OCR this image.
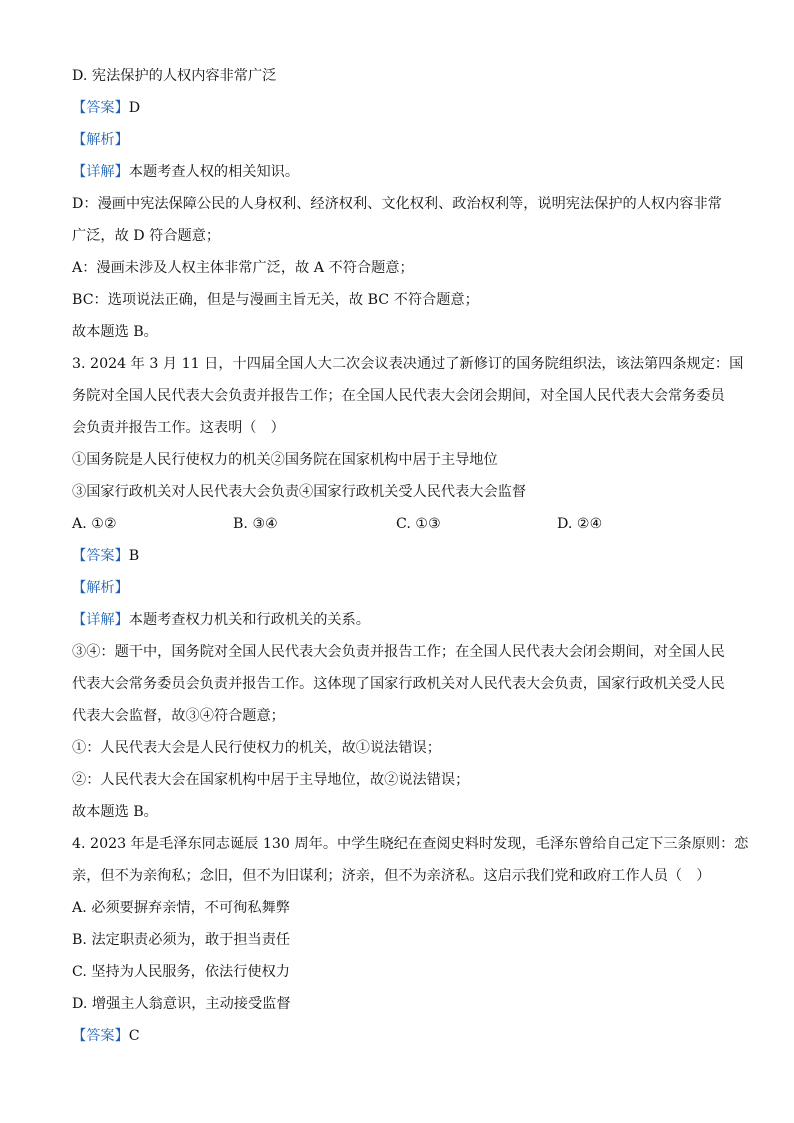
D. 宪法保护的人权内容非常广泛
【答案】D
【解析】
【详解】本题考查人权的相关知识。
D：漫画中宪法保障公民的人身权利、经济权利、文化权利、政治权利等，说明宪法保护的人权内容非常
广泛，故 D 符合题意；
A：漫画未涉及人权主体非常广泛，故 A 不符合题意；
BC：选项说法正确，但是与漫画主旨无关，故 BC 不符合题意；
故本题选 B。
3. 2024 年 3 月 11 日，十四届全国人大二次会议表决通过了新修订的国务院组织法，该法第四条规定：国
务院对全国人民代表大会负责并报告工作；在全国人民代表大会闭会期间，对全国人民代表大会常务委员
会负责并报告工作。这表明（　）
①国务院是人民行使权力的机关②国务院在国家机构中居于主导地位
③国家行政机关对人民代表大会负责④国家行政机关受人民代表大会监督
A. ①②	B. ③④	C. ①③	D. ②④
【答案】B
【解析】
【详解】本题考查权力机关和行政机关的关系。
③④：题干中，国务院对全国人民代表大会负责并报告工作；在全国人民代表大会闭会期间，对全国人民
代表大会常务委员会负责并报告工作。这体现了国家行政机关对人民代表大会负责，国家行政机关受人民
代表大会监督，故③④符合题意；
①：人民代表大会是人民行使权力的机关，故①说法错误；
②：人民代表大会在国家机构中居于主导地位，故②说法错误；
故本题选 B。
4. 2023 年是毛泽东同志诞辰 130 周年。中学生晓纪在查阅史料时发现，毛泽东曾给自己定下三条原则：恋
亲，但不为亲徇私；念旧，但不为旧谋利；济亲，但不为亲济私。这启示我们党和政府工作人员（　）
A. 必须要摒弃亲情，不可徇私舞弊
B. 法定职责必须为，敢于担当责任
C. 坚持为人民服务，依法行使权力
D. 增强主人翁意识，主动接受监督
【答案】C
